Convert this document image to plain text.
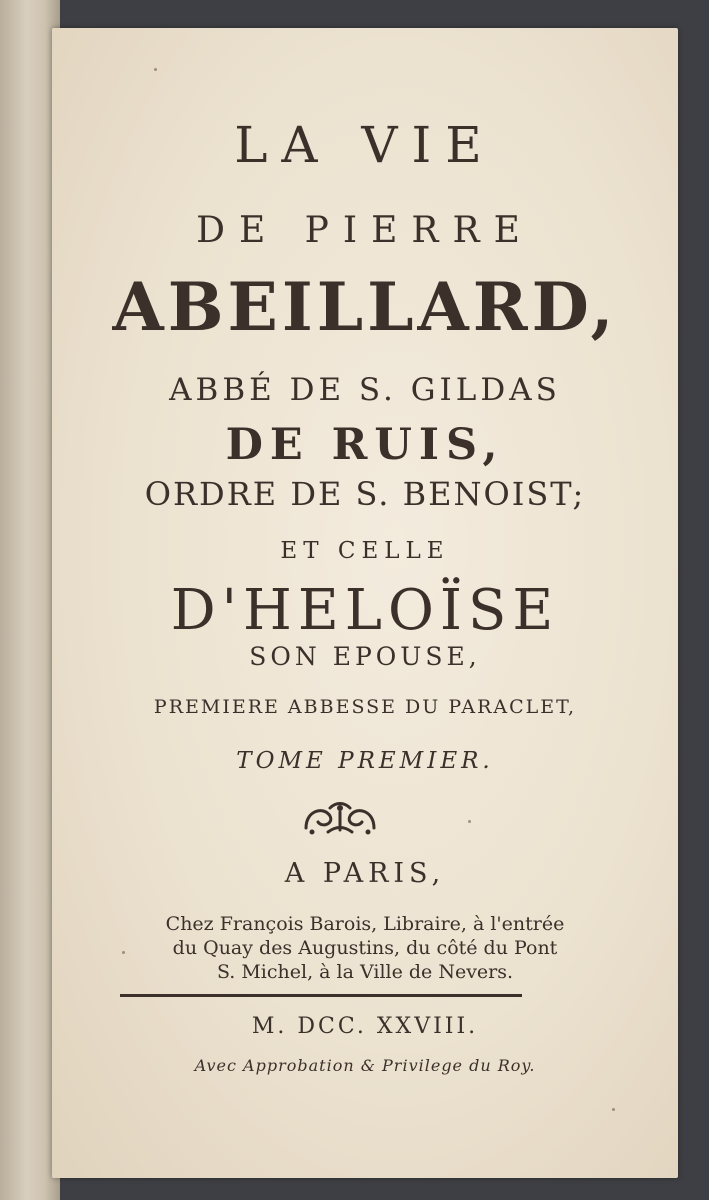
LA VIE
DE PIERRE
ABEILLARD,
ABBÉ DE S. GILDAS
DE RUIS,
ORDRE DE S. BENOIST;
ET CELLE
D'HELOÏSE
SON EPOUSE,
PREMIERE ABBESSE DU PARACLET,
TOME PREMIER.
A PARIS,
Chez François Barois, Libraire, à l'entrée
du Quay des Augustins, du côté du Pont
S. Michel, à la Ville de Nevers.
M. DCC. XXVIII.
Avec Approbation & Privilege du Roy.
